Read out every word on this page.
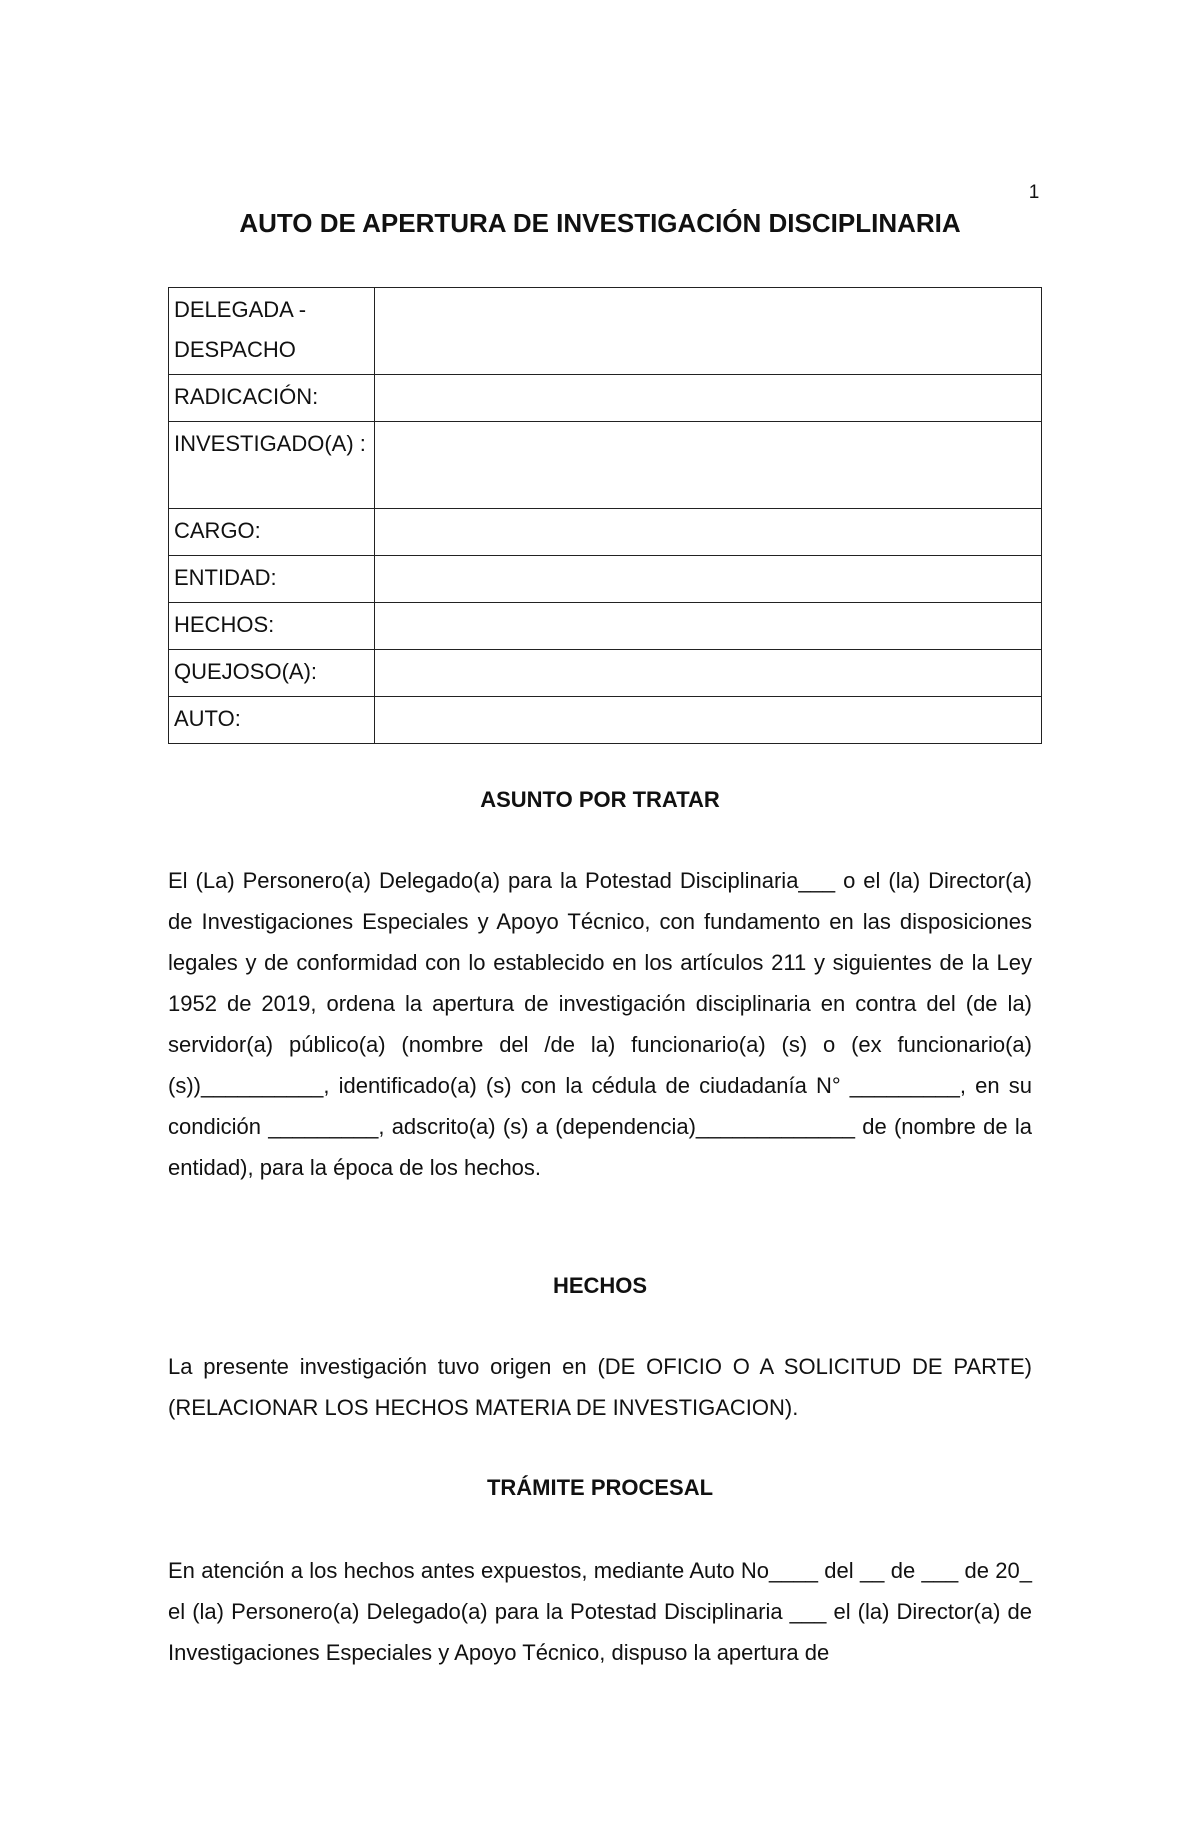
1
AUTO DE APERTURA DE INVESTIGACIÓN DISCIPLINARIA
DELEGADA - DESPACHO	
RADICACIÓN:	
INVESTIGADO(A) :	
CARGO:	
ENTIDAD:	
HECHOS:	
QUEJOSO(A):	
AUTO:	
ASUNTO POR TRATAR

El (La) Personero(a) Delegado(a) para la Potestad Disciplinaria___ o el (la) Director(a) de Investigaciones Especiales y Apoyo Técnico, con fundamento en las disposiciones legales y de conformidad con lo establecido en los artículos 211 y siguientes de la Ley 1952 de 2019, ordena la apertura de investigación disciplinaria en contra del (de la) servidor(a) público(a) (nombre del /de la) funcionario(a) (s) o (ex funcionario(a) (s))__________, identificado(a) (s) con la cédula de ciudadanía N° _________, en su condición _________, adscrito(a) (s) a (dependencia)_____________ de (nombre de la entidad), para la época de los hechos.

HECHOS

La presente investigación tuvo origen en (DE OFICIO O A SOLICITUD DE PARTE) (RELACIONAR LOS HECHOS MATERIA DE INVESTIGACION).

TRÁMITE PROCESAL

En atención a los hechos antes expuestos, mediante Auto No____ del __ de ___ de 20_ el (la) Personero(a) Delegado(a) para la Potestad Disciplinaria ___ el (la) Director(a) de Investigaciones Especiales y Apoyo Técnico, dispuso la apertura de
